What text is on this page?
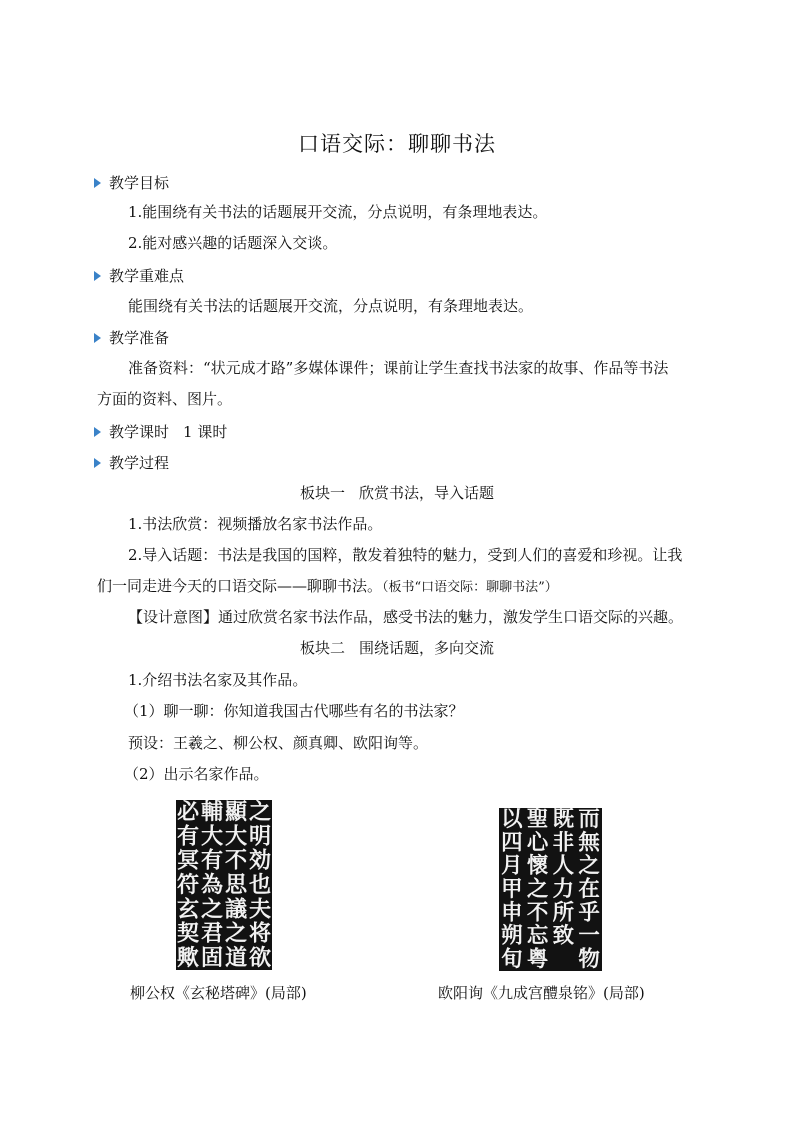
口语交际：聊聊书法
教学目标
1.能围绕有关书法的话题展开交流，分点说明，有条理地表达。
2.能对感兴趣的话题深入交谈。
教学重难点
能围绕有关书法的话题展开交流，分点说明，有条理地表达。
教学准备
准备资料：“状元成才路”多媒体课件；课前让学生查找书法家的故事、作品等书法
方面的资料、图片。
教学课时 1 课时
教学过程
板块一 欣赏书法，导入话题
1.书法欣赏：视频播放名家书法作品。
2.导入话题：书法是我国的国粹，散发着独特的魅力，受到人们的喜爱和珍视。让我
们一同走进今天的口语交际——聊聊书法。（板书“口语交际：聊聊书法”）
【设计意图】通过欣赏名家书法作品，感受书法的魅力，激发学生口语交际的兴趣。
板块二 围绕话题，多向交流
1.介绍书法名家及其作品。
（1）聊一聊：你知道我国古代哪些有名的书法家？
预设：王羲之、柳公权、颜真卿、欧阳询等。
（2）出示名家作品。
之
明
効
也
夫
将
欲
顯
大
不
思
議
之
道
輔
大
有
為
之
君
固
必
有
冥
符
玄
契
歟
柳公权《玄秘塔碑》(局部)
而
無
之
在
乎
一
物
既
非
人
力
所
致
聖
心
懷
之
不
忘
粤
以
四
月
甲
申
朔
旬
欧阳询《九成宫醴泉铭》(局部)
